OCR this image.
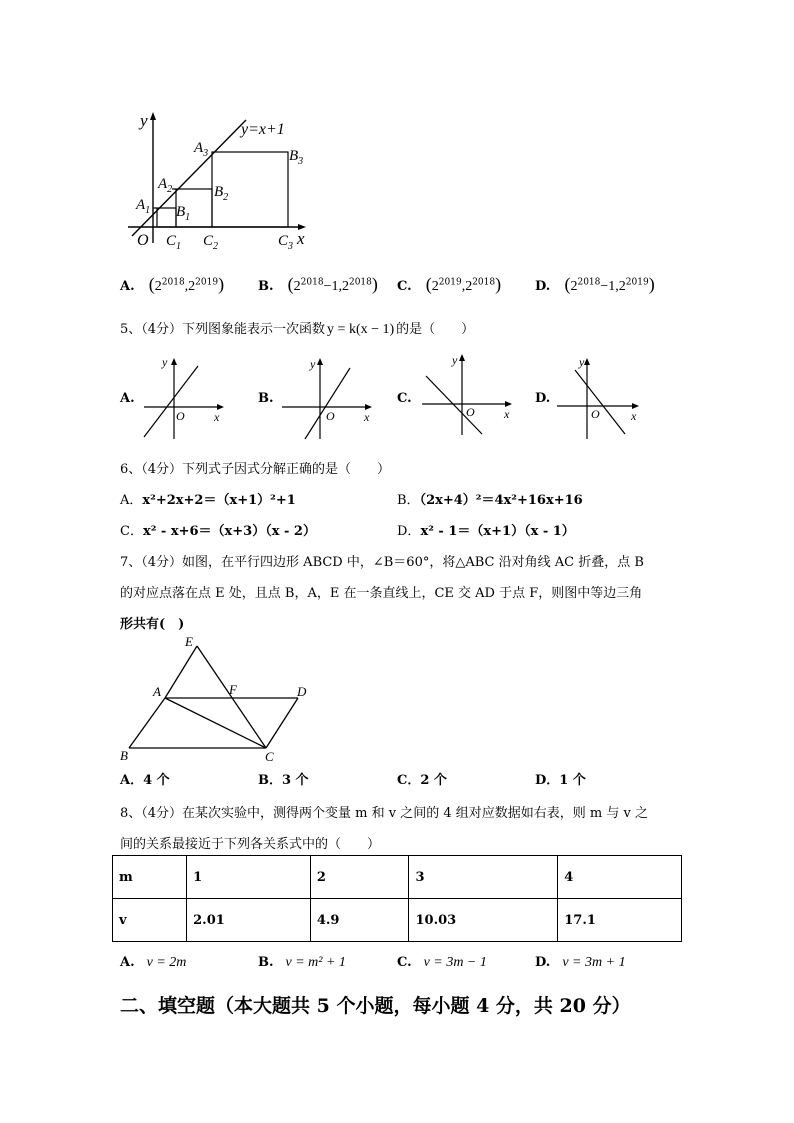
y
x
y=x+1
O
$A_1$
$A_2$
$A_3$
$B_1$
$B_2$
$B_3$
$C_1$ $C_2$	$C_3$
A. $(2^{2018},2^{2019})$	B. $(2^{2018}-1,2^{2018})$ C. $(2^{2019},2^{2018})$	D. $(2^{2018}-1,2^{2019})$
5、（4分）下列图象能表示一次函数 y = k(x − 1) 的是（　　）
A.
y
x
O
B.
y
x
O
C.
y
x
O
D.
y
x
O
6、（4分）下列式子因式分解正确的是（　　）
A．x²+2x+2＝（x+1）²+1	B．（2x+4）²＝4x²+16x+16
C．x² - x+6＝（x+3）（x - 2）	D．x² - 1＝（x+1）（x - 1）
7、（4分）如图，在平行四边形 ABCD 中，∠B＝60°，将△ABC 沿对角线 AC 折叠，点 B
的对应点落在点 E 处，且点 B，A，E 在一条直线上，CE 交 AD 于点 F，则图中等边三角
形共有(　)
E
A	F	D
B	C
A．4 个	B．3 个	C．2 个	D．1 个
8、（4分）在某次实验中，测得两个变量 m 和 v 之间的 4 组对应数据如右表，则 m 与 v 之
间的关系最接近于下列各关系式中的（　　）
m	1	2	3	4
v	2.01	4.9	10.03	17.1
A. v = 2m	B. v = m² + 1	C. v = 3m − 1	D. v = 3m + 1
二、填空题（本大题共 5 个小题，每小题 4 分，共 20 分）
